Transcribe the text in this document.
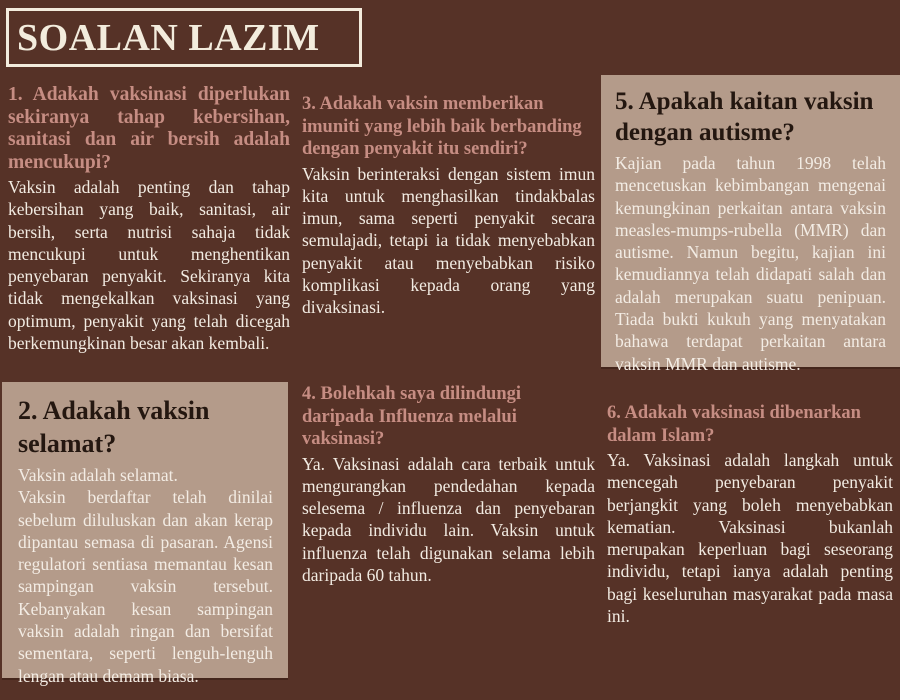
SOALAN LAZIM
1. Adakah vaksinasi diperlukan sekiranya tahap kebersihan, sanitasi dan air bersih adalah mencukupi?

Vaksin adalah penting dan tahap kebersihan yang baik, sanitasi, air bersih, serta nutrisi sahaja tidak mencukupi untuk menghentikan penyebaran penyakit. Sekiranya kita tidak mengekalkan vaksinasi yang optimum, penyakit yang telah dicegah berkemungkinan besar akan kembali.

2. Adakah vaksin selamat?

Vaksin adalah selamat.

Vaksin berdaftar telah dinilai sebelum diluluskan dan akan kerap dipantau semasa di pasaran. Agensi regulatori sentiasa memantau kesan sampingan vaksin tersebut. Kebanyakan kesan sampingan vaksin adalah ringan dan bersifat sementara, seperti lenguh-lenguh lengan atau demam biasa.

3. Adakah vaksin memberikan imuniti yang lebih baik berbanding dengan penyakit itu sendiri?

Vaksin berinteraksi dengan sistem imun kita untuk menghasilkan tindakbalas imun, sama seperti penyakit secara semulajadi, tetapi ia tidak menyebabkan penyakit atau menyebabkan risiko komplikasi kepada orang yang divaksinasi.

4. Bolehkah saya dilindungi daripada Influenza melalui vaksinasi?

Ya. Vaksinasi adalah cara terbaik untuk mengurangkan pendedahan kepada selesema / influenza dan penyebaran kepada individu lain. Vaksin untuk influenza telah digunakan selama lebih daripada 60 tahun.

5. Apakah kaitan vaksin dengan autisme?

Kajian pada tahun 1998 telah mencetuskan kebimbangan mengenai kemungkinan perkaitan antara vaksin measles-mumps-rubella (MMR) dan autisme. Namun begitu, kajian ini kemudiannya telah didapati salah dan adalah merupakan suatu penipuan. Tiada bukti kukuh yang menyatakan bahawa terdapat perkaitan antara vaksin MMR dan autisme.

6. Adakah vaksinasi dibenarkan dalam Islam?

Ya. Vaksinasi adalah langkah untuk mencegah penyebaran penyakit berjangkit yang boleh menyebabkan kematian. Vaksinasi bukanlah merupakan keperluan bagi seseorang individu, tetapi ianya adalah penting bagi keseluruhan masyarakat pada masa ini.
